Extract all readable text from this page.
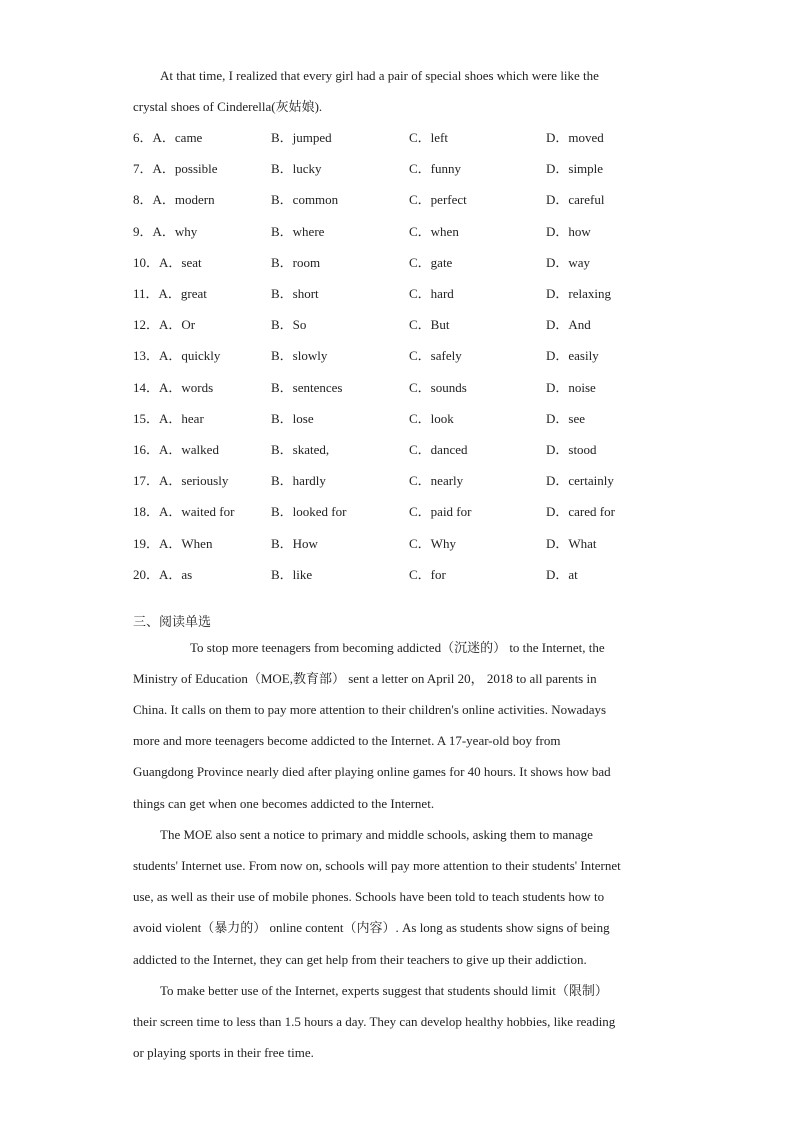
At that time, I realized that every girl had a pair of special shoes which were like the
crystal shoes of Cinderella(灰姑娘).
6．A．came	B．jumped	C．left	D．moved
7．A．possible	B．lucky	C．funny	D．simple
8．A．modern	B．common	C．perfect	D．careful
9．A．why	B．where	C．when	D．how
10．A．seat	B．room	C．gate	D．way
11．A．great	B．short	C．hard	D．relaxing
12．A．Or	B．So	C．But	D．And
13．A．quickly	B．slowly	C．safely	D．easily
14．A．words	B．sentences	C．sounds	D．noise
15．A．hear	B．lose	C．look	D．see
16．A．walked	B．skated,	C．danced	D．stood
17．A．seriously	B．hardly	C．nearly	D．certainly
18．A．waited for	B．looked for	C．paid for	D．cared for
19．A．When	B．How	C．Why	D．What
20．A．as	B．like	C．for	D．at
三、阅读单选
To stop more teenagers from becoming addicted（沉迷的） to the Internet, the
Ministry of Education（MOE,教育部） sent a letter on April 20， 2018 to all parents in
China. It calls on them to pay more attention to their children's online activities. Nowadays
more and more teenagers become addicted to the Internet. A 17-year-old boy from
Guangdong Province nearly died after playing online games for 40 hours. It shows how bad
things can get when one becomes addicted to the Internet.
The MOE also sent a notice to primary and middle schools, asking them to manage
students' Internet use. From now on, schools will pay more attention to their students' Internet
use, as well as their use of mobile phones. Schools have been told to teach students how to
avoid violent（暴力的） online content（内容）. As long as students show signs of being
addicted to the Internet, they can get help from their teachers to give up their addiction.
To make better use of the Internet, experts suggest that students should limit（限制）
their screen time to less than 1.5 hours a day. They can develop healthy hobbies, like reading
or playing sports in their free time.
